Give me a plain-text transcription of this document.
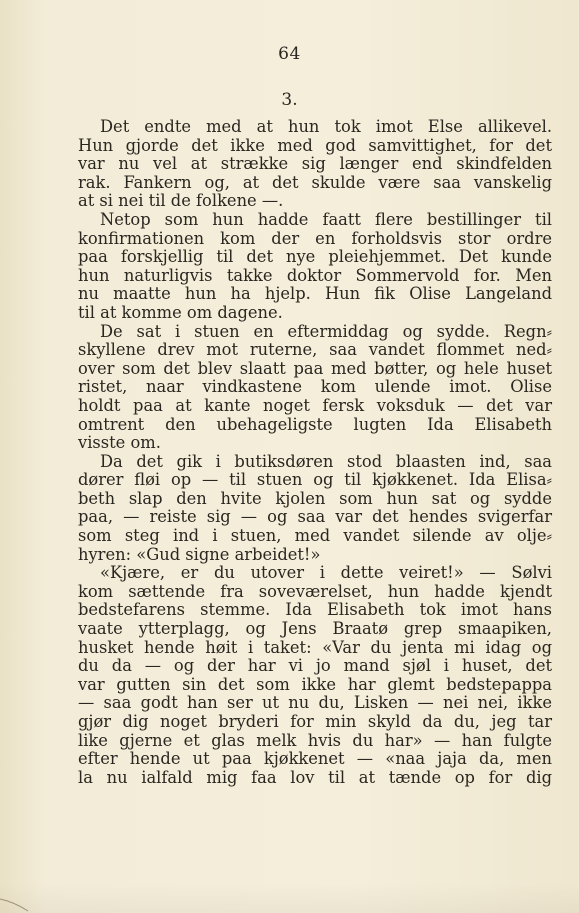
64
3.
Det endte med at hun tok imot Else allikevel.
Hun gjorde det ikke med god samvittighet, for det
var nu vel at strække sig længer end skindfelden
rak. Fankern og, at det skulde være saa vanskelig
at si nei til de folkene —.
Netop som hun hadde faatt flere bestillinger til
konfirmationen kom der en forholdsvis stor ordre
paa forskjellig til det nye pleiehjemmet. Det kunde
hun naturligvis takke doktor Sommervold for. Men
nu maatte hun ha hjelp. Hun fik Olise Langeland
til at komme om dagene.
De sat i stuen en eftermiddag og sydde. Regn⸗
skyllene drev mot ruterne, saa vandet flommet ned⸗
over som det blev slaatt paa med bøtter, og hele huset
ristet, naar vindkastene kom ulende imot. Olise
holdt paa at kante noget fersk voksduk — det var
omtrent den ubehageligste lugten Ida Elisabeth
visste om.
Da det gik i butiksdøren stod blaasten ind, saa
dører fløi op — til stuen og til kjøkkenet. Ida Elisa⸗
beth slap den hvite kjolen som hun sat og sydde
paa, — reiste sig — og saa var det hendes svigerfar
som steg ind i stuen, med vandet silende av olje⸗
hyren: «Gud signe arbeidet!»
«Kjære, er du utover i dette veiret!» — Sølvi
kom sættende fra soveværelset, hun hadde kjendt
bedstefarens stemme. Ida Elisabeth tok imot hans
vaate ytterplagg, og Jens Braatø grep smaapiken,
husket hende høit i taket: «Var du jenta mi idag og
du da — og der har vi jo mand sjøl i huset, det
var gutten sin det som ikke har glemt bedstepappa
— saa godt han ser ut nu du, Lisken — nei nei, ikke
gjør dig noget bryderi for min skyld da du, jeg tar
like gjerne et glas melk hvis du har» — han fulgte
efter hende ut paa kjøkkenet — «naa jaja da, men
la nu ialfald mig faa lov til at tænde op for dig
